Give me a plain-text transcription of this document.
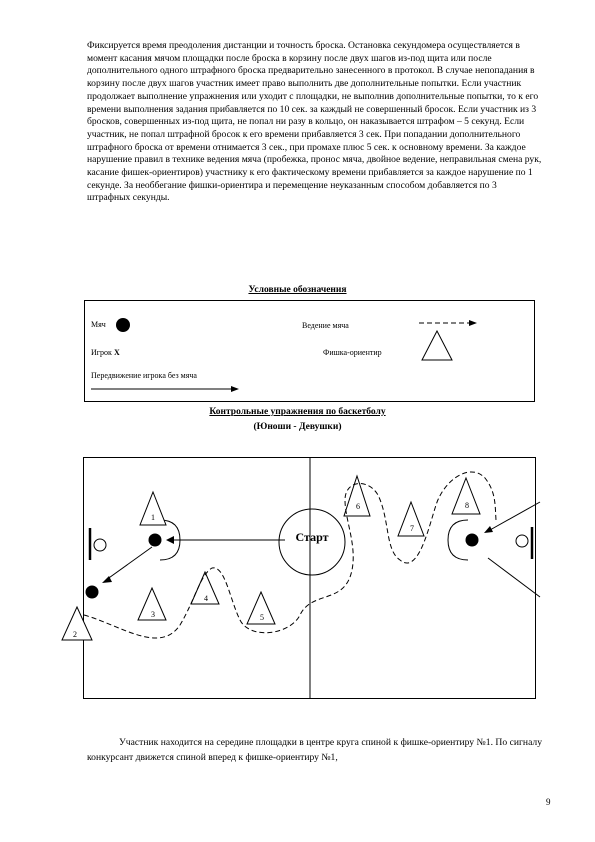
Фиксируется время преодоления дистанции и точность броска. Остановка секундомера осуществляется в момент касания мячом площадки после броска в корзину после двух шагов из-под щита или после дополнительного одного штрафного броска предварительно занесенного в протокол. В случае непопадания в корзину после двух шагов участник имеет право выполнить две дополнительные попытки. Если участник продолжает выполнение упражнения или уходит с площадки, не выполнив дополнительные попытки, то к его времени выполнения задания прибавляется по 10 сек. за каждый не совершенный бросок. Если участник из 3 бросков, совершенных из-под щита, не попал ни разу в кольцо, он наказывается штрафом – 5 секунд. Если участник, не попал штрафной бросок к его времени прибавляется 3 сек. При попадании дополнительного штрафного броска от времени отнимается 3 сек., при промахе плюс 5 сек. к основному времени. За каждое нарушение правил в технике ведения мяча (пробежка, пронос мяча, двойное ведение, неправильная смена рук, касание фишек-ориентиров) участнику к его фактическому времени прибавляется за каждое нарушение по 1 секунде. За необбегание фишки-ориентира и перемещение неуказанным способом добавляется по 3 штрафных секунды.

Условные обозначения
Мяч
Игрок X
Передвижение игрока без мяча
Ведение мяча
Фишка-ориентир
Контрольные упражнения по баскетболу
(Юноши - Девушки)
1
2
3
4
5
6
7
8
Старт

Участник находится на середине площадки в центре круга спиной к фишке-ориентиру №1. По сигналу конкурсант движется спиной вперед к фишке-ориентиру №1,

9
